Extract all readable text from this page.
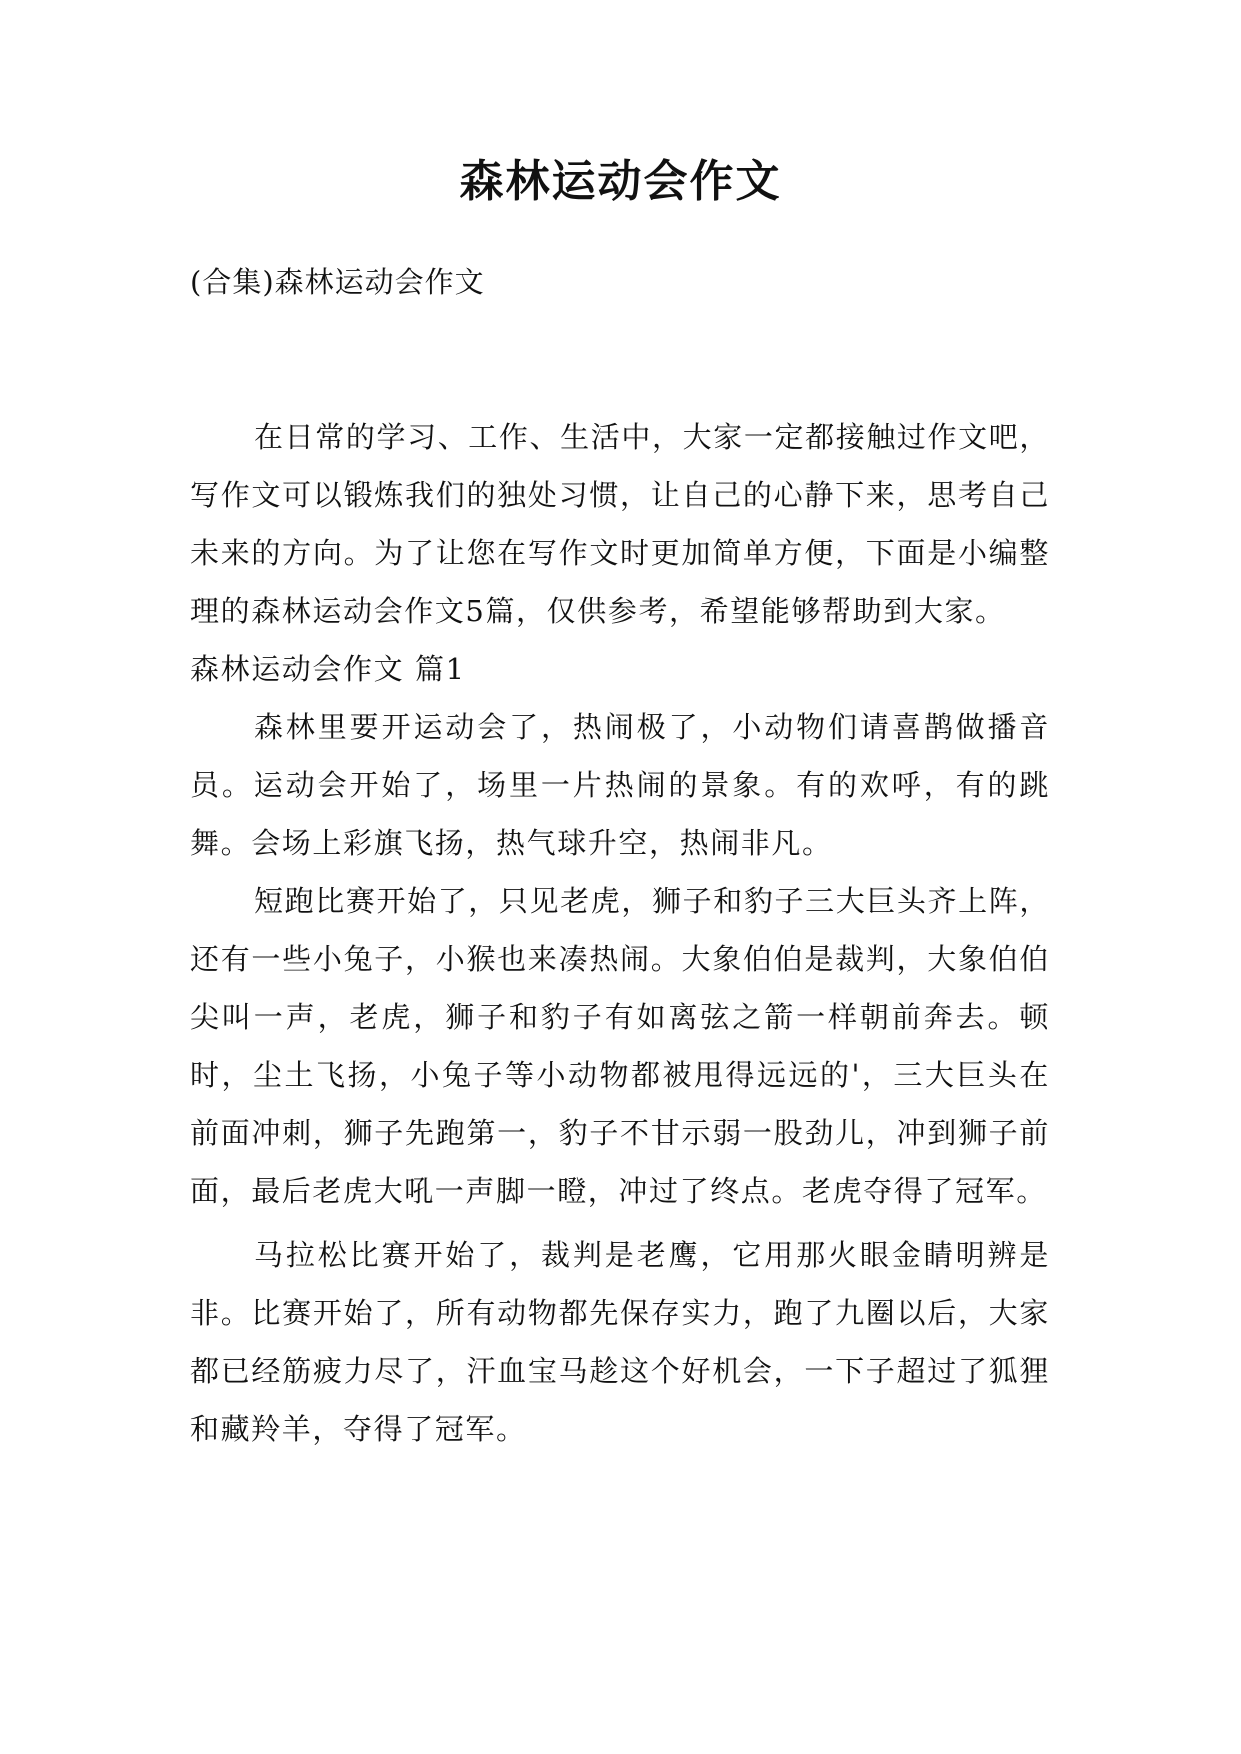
森林运动会作文
(合集)森林运动会作文

在日常的学习、工作、生活中，大家一定都接触过作文吧，写作文可以锻炼我们的独处习惯，让自己的心静下来，思考自己未来的方向。为了让您在写作文时更加简单方便，下面是小编整理的森林运动会作文5篇，仅供参考，希望能够帮助到大家。

森林运动会作文 篇1

森林里要开运动会了，热闹极了，小动物们请喜鹊做播音员。运动会开始了，场里一片热闹的景象。有的欢呼，有的跳舞。会场上彩旗飞扬，热气球升空，热闹非凡。

短跑比赛开始了，只见老虎，狮子和豹子三大巨头齐上阵，还有一些小兔子，小猴也来凑热闹。大象伯伯是裁判，大象伯伯尖叫一声，老虎，狮子和豹子有如离弦之箭一样朝前奔去。顿时，尘土飞扬，小兔子等小动物都被甩得远远的'，三大巨头在前面冲刺，狮子先跑第一，豹子不甘示弱一股劲儿，冲到狮子前面，最后老虎大吼一声脚一瞪，冲过了终点。老虎夺得了冠军。

马拉松比赛开始了，裁判是老鹰，它用那火眼金睛明辨是非。比赛开始了，所有动物都先保存实力，跑了九圈以后，大家都已经筋疲力尽了，汗血宝马趁这个好机会，一下子超过了狐狸和藏羚羊，夺得了冠军。
